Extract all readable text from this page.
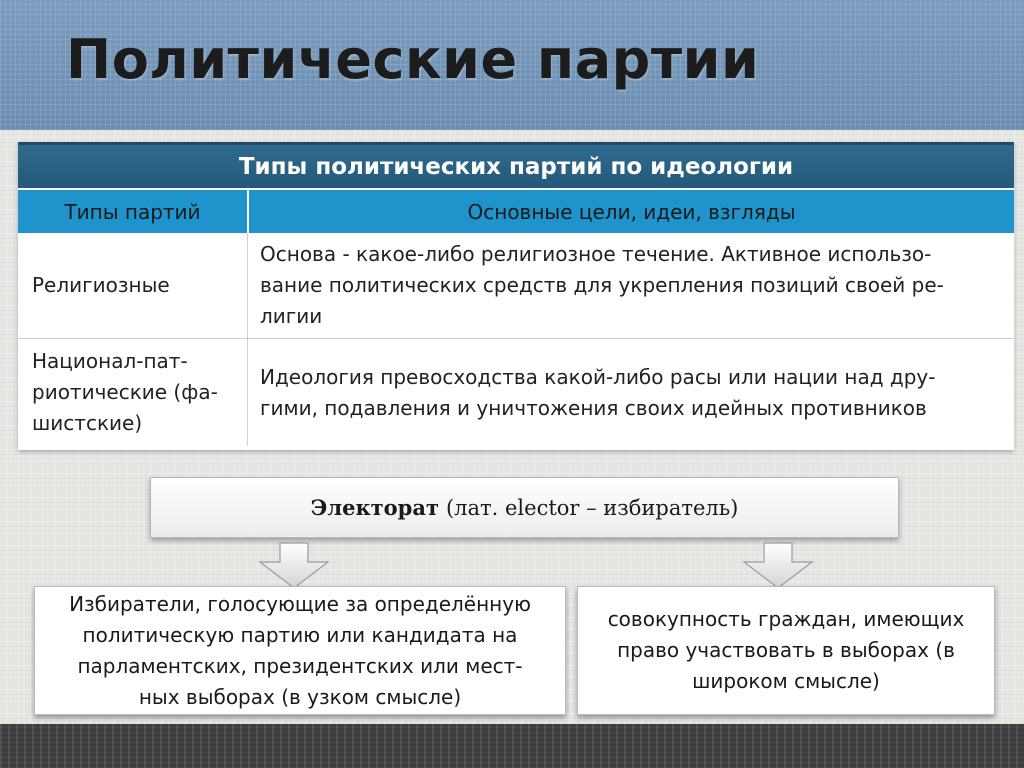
Политические партии
Типы политических партий по идеологии
Типы партий	Основные цели, идеи, взгляды
Религиозные
Основа - какое-либо религиозное течение. Активное использо-
вание политических средств для укрепления позиций своей ре-
лигии
Национал-пат-
риотические (фа-
шистские)
Идеология превосходства какой-либо расы или нации над дру-
гими, подавления и уничтожения своих идейных противников
Электорат (лат. elector – избиратель)
Избиратели, голосующие за определённую
политическую партию или кандидата на
парламентских, президентских или мест-
ных выборах (в узком смысле)
совокупность граждан, имеющих
право участвовать в выборах (в
широком смысле)
